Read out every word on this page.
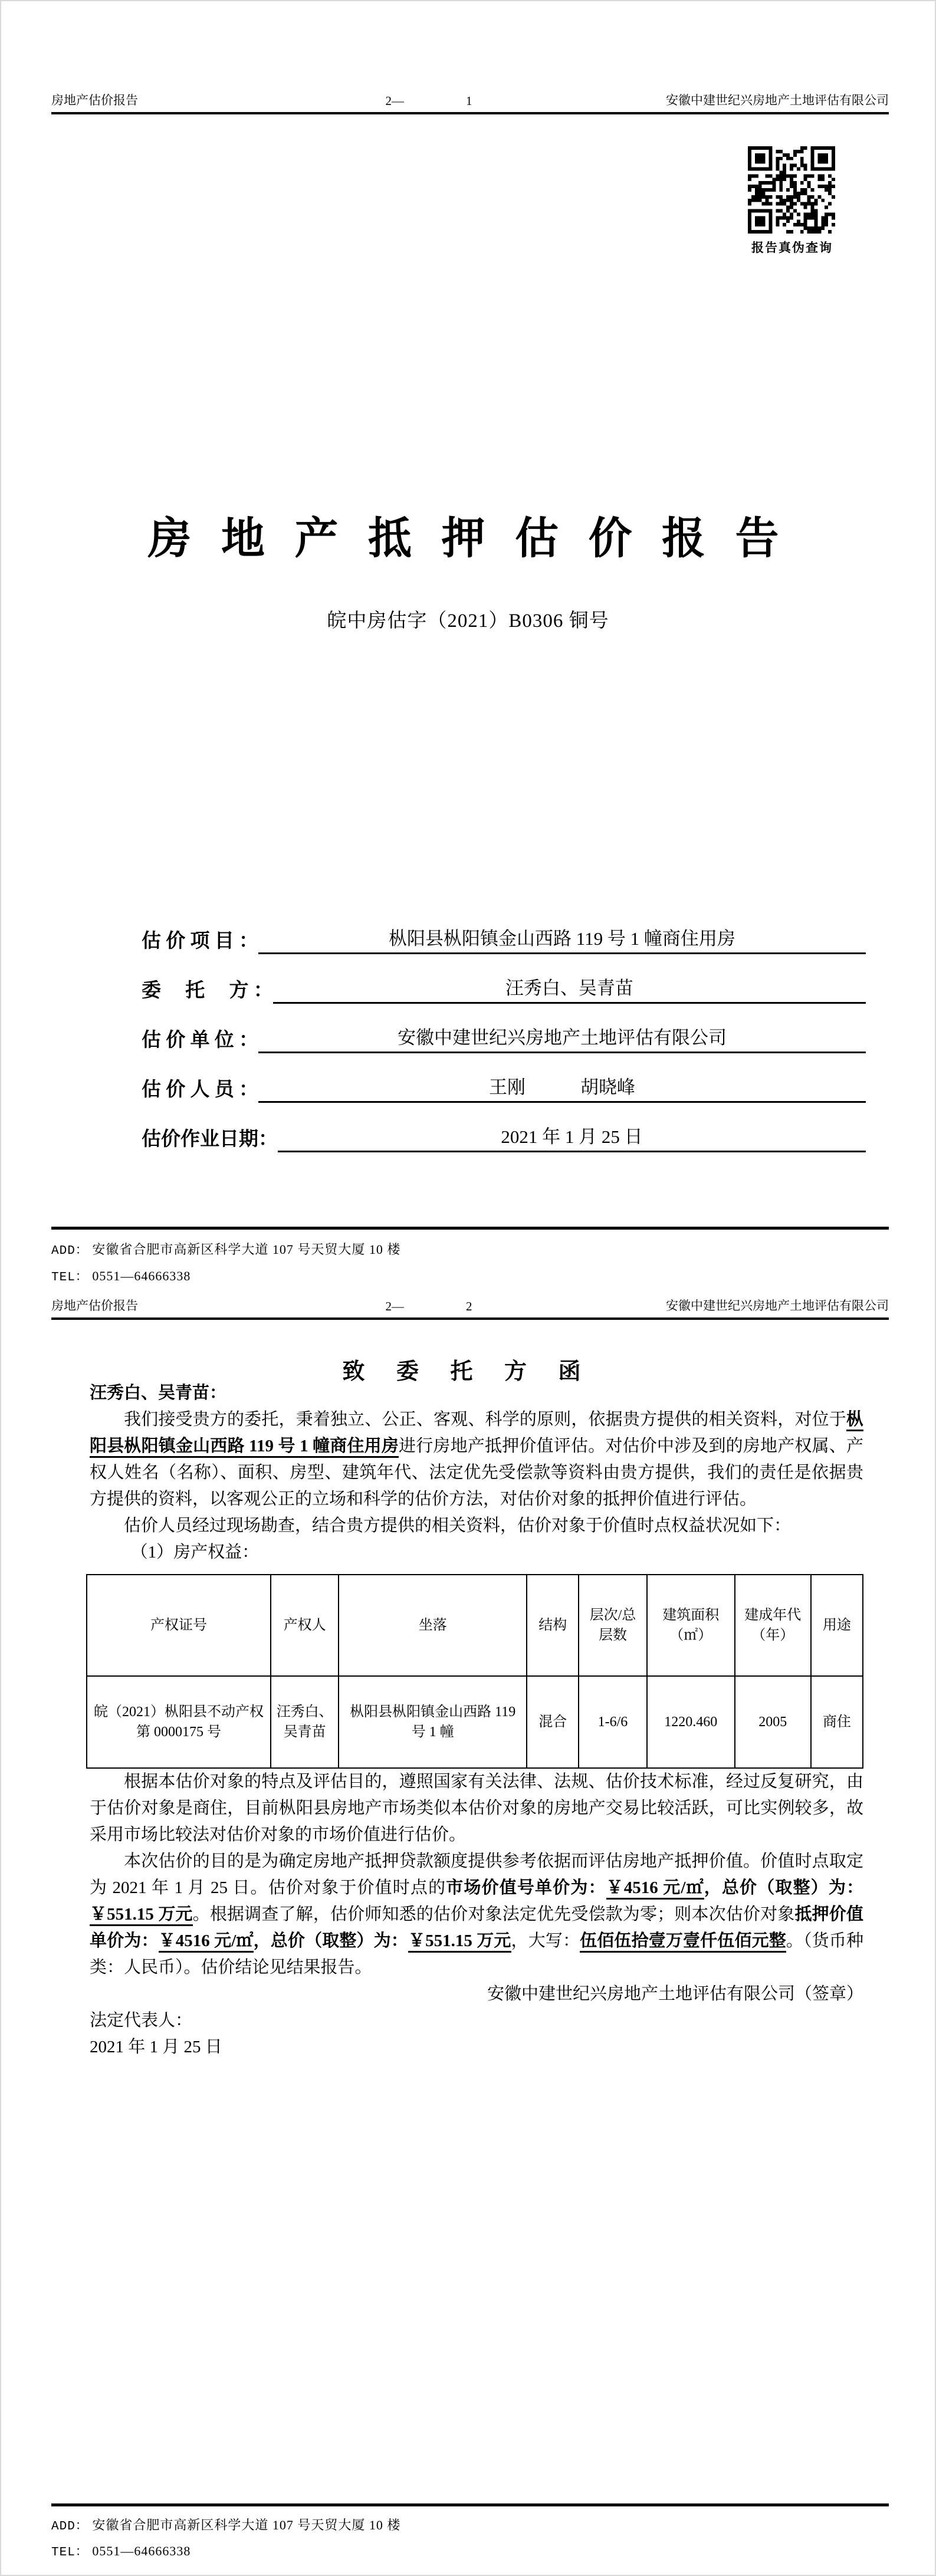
房地产估价报告	2—	1	安徽中建世纪兴房地产土地评估有限公司
报告真伪查询
房 地 产 抵 押 估 价 报 告
皖中房估字（2021）B0306 铜号
估 价 项 目 ：	枞阳县枞阳镇金山西路 119 号 1 幢商住用房
委　 托　 方 ：	汪秀白、吴青苗
估 价 单 位 ：	安徽中建世纪兴房地产土地评估有限公司
估 价 人 员 ：	王刚　　　胡晓峰
估价作业日期：	2021 年 1 月 25 日
ADD： 安徽省合肥市高新区科学大道 107 号天贸大厦 10 楼
TEL： 0551—64666338
房地产估价报告	2—	2	安徽中建世纪兴房地产土地评估有限公司
致 委 托 方 函

汪秀白、吴青苗：

我们接受贵方的委托，秉着独立、公正、客观、科学的原则，依据贵方提供的相关资料，对位于枞阳县枞阳镇金山西路 119 号 1 幢商住用房进行房地产抵押价值评估。对估价中涉及到的房地产权属、产权人姓名（名称）、面积、房型、建筑年代、法定优先受偿款等资料由贵方提供，我们的责任是依据贵方提供的资料，以客观公正的立场和科学的估价方法，对估价对象的抵押价值进行评估。

估价人员经过现场勘查，结合贵方提供的相关资料，估价对象于价值时点权益状况如下：

（1）房产权益：

产权证号	产权人	坐落	结构	层次/总层数	建筑面积（㎡）	建成年代（年）	用途
皖（2021）枞阳县不动产权第 0000175 号	汪秀白、吴青苗	枞阳县枞阳镇金山西路 119 号 1 幢	混合	1-6/6	1220.460	2005	商住

根据本估价对象的特点及评估目的，遵照国家有关法律、法规、估价技术标准，经过反复研究，由于估价对象是商住，目前枞阳县房地产市场类似本估价对象的房地产交易比较活跃，可比实例较多，故采用市场比较法对估价对象的市场价值进行估价。

本次估价的目的是为确定房地产抵押贷款额度提供参考依据而评估房地产抵押价值。价值时点取定为 2021 年 1 月 25 日。估价对象于价值时点的市场价值号单价为：￥4516 元/㎡，总价（取整）为：￥551.15 万元。根据调查了解，估价师知悉的估价对象法定优先受偿款为零；则本次估价对象抵押价值单价为：￥4516 元/㎡，总价（取整）为：￥551.15 万元，大写：伍佰伍拾壹万壹仟伍佰元整。（货币种类：人民币）。估价结论见结果报告。

安徽中建世纪兴房地产土地评估有限公司（签章）

法定代表人：

2021 年 1 月 25 日

ADD： 安徽省合肥市高新区科学大道 107 号天贸大厦 10 楼
TEL： 0551—64666338
